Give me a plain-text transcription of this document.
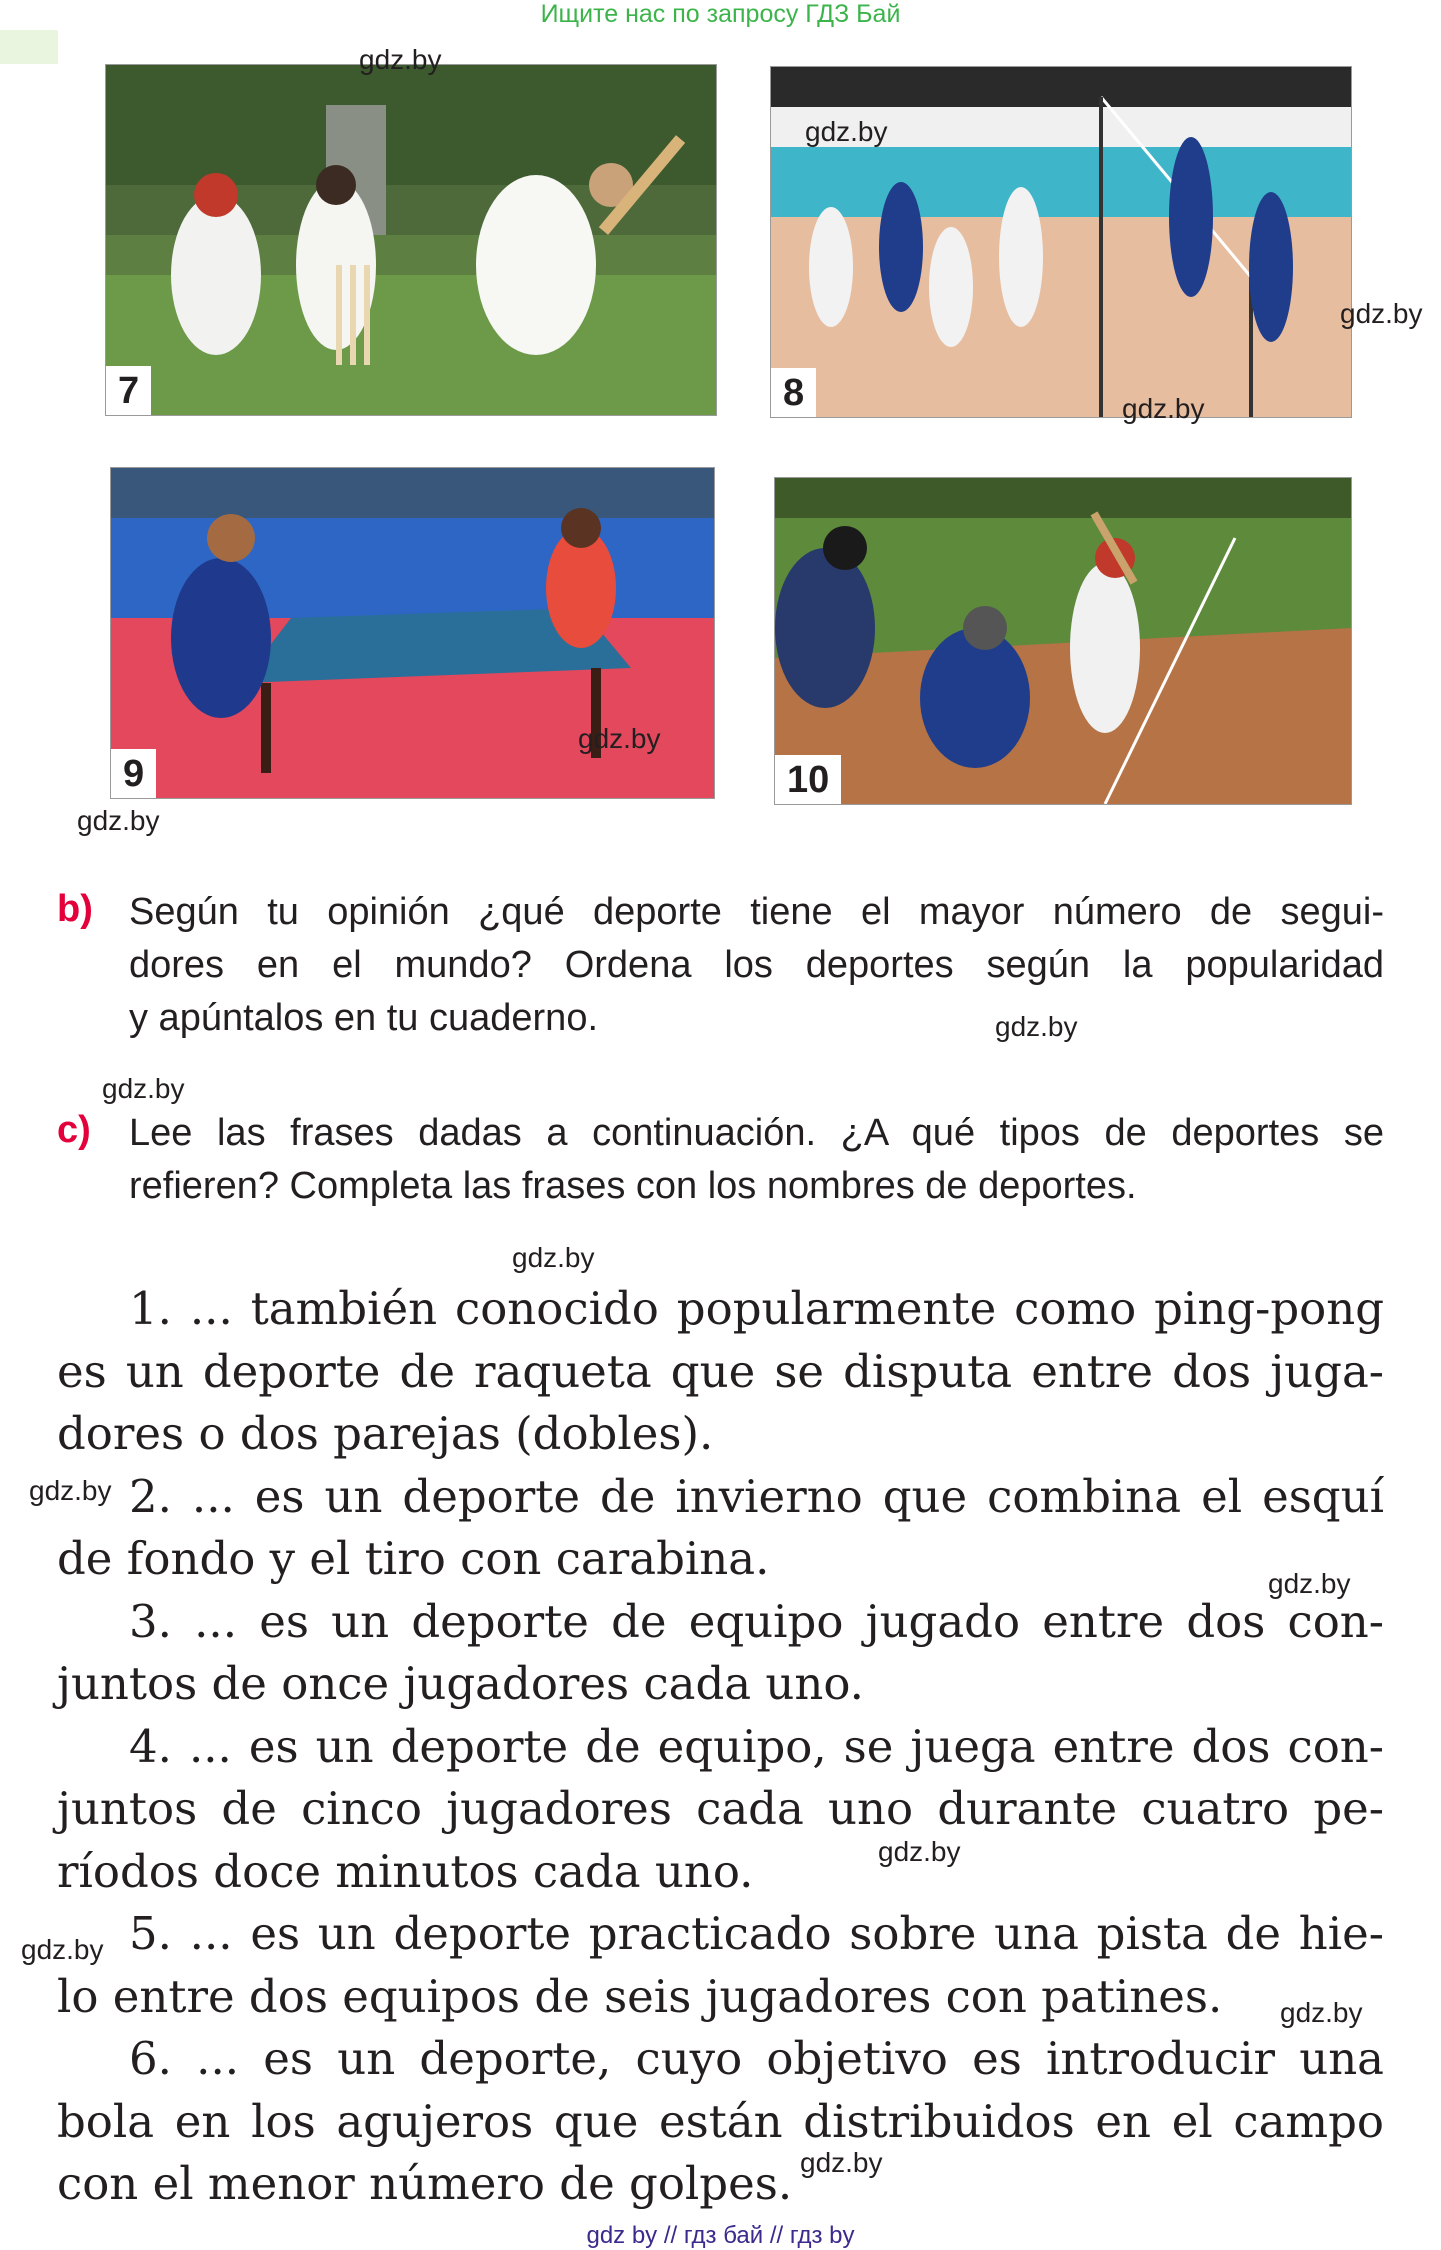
Ищите нас по запросу ГДЗ Бай
7	8
9	10
gdz.by
gdz.by
gdz.by
gdz.by
gdz.by
gdz.by
gdz.by
gdz.by
gdz.by
gdz.by
gdz.by
gdz.by
gdz.by
gdz.by
gdz.by
b) Según tu opinión ¿qué deporte tiene el mayor número de segui-
dores en el mundo? Ordena los deportes según la popularidad
y apúntalos en tu cuaderno.
c) Lee las frases dadas a continuación. ¿A qué tipos de deportes se
refieren? Completa las frases con los nombres de deportes.
1. ... también conocido popularmente como ping-pong
es un deporte de raqueta que se disputa entre dos juga-
dores o dos parejas (dobles).
2. ... es un deporte de invierno que combina el esquí
de fondo y el tiro con carabina.
3. ... es un deporte de equipo jugado entre dos con-
juntos de once jugadores cada uno.
4. ... es un deporte de equipo, se juega entre dos con-
juntos de cinco jugadores cada uno durante cuatro pe-
ríodos doce minutos cada uno.
5. ... es un deporte practicado sobre una pista de hie-
lo entre dos equipos de seis jugadores con patines.
6. ... es un deporte, cuyo objetivo es introducir una
bola en los agujeros que están distribuidos en el campo
con el menor número de golpes.
gdz by // гдз бай // гдз by
